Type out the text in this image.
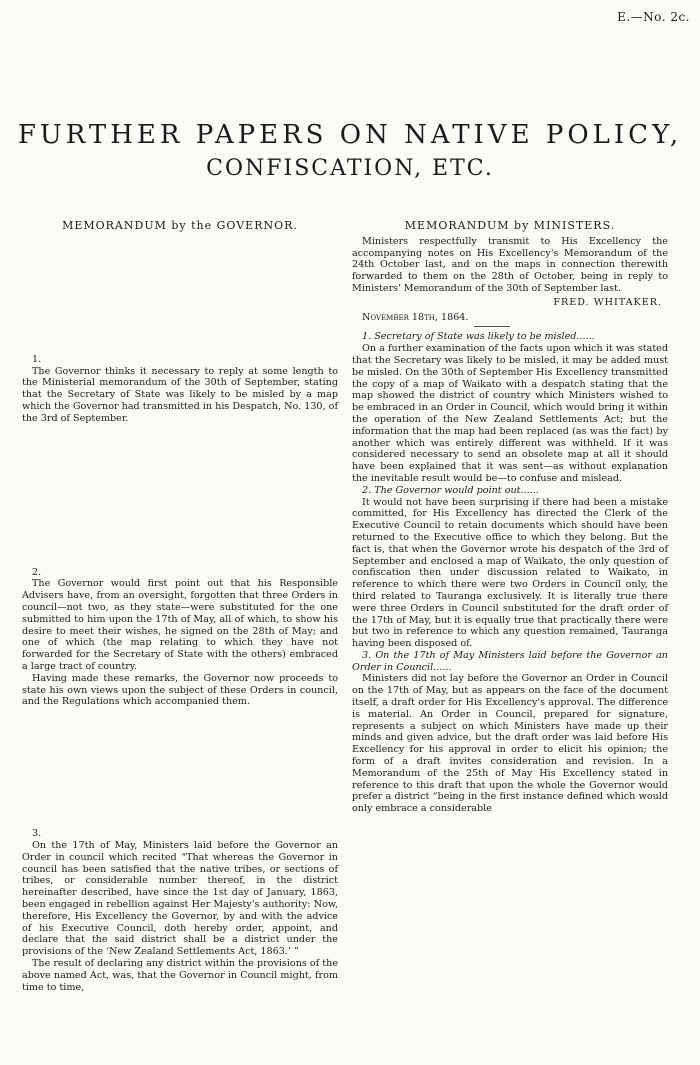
E.—No. 2c.
FURTHER PAPERS ON NATIVE POLICY,
CONFISCATION, ETC.
MEMORANDUM by the GOVERNOR.
1.

The Governor thinks it necessary to reply at some length to the Ministerial memorandum of the 30th of September, stating that the Secretary of State was likely to be misled by a map which the Governor had transmitted in his Despatch, No. 130, of the 3rd of September.

2.

The Governor would first point out that his Responsible Advisers have, from an oversight, forgotten that three Orders in council—not two, as they state—were substituted for the one submitted to him upon the 17th of May, all of which, to show his desire to meet their wishes, he signed on the 28th of May; and one of which (the map relating to which they have not forwarded for the Secretary of State with the others) embraced a large tract of country.

Having made these remarks, the Governor now proceeds to state his own views upon the subject of these Orders in council, and the Regulations which accompanied them.

3.

On the 17th of May, Ministers laid before the Governor an Order in council which recited “That whereas the Governor in council has been satisfied that the native tribes, or sections of tribes, or considerable number thereof, in the district hereinafter described, have since the 1st day of January, 1863, been engaged in rebellion against Her Majesty's authority: Now, therefore, His Excellency the Governor, by and with the advice of his Executive Council, doth hereby order, appoint, and declare that the said district shall be a district under the provisions of the ‘New Zealand Settlements Act, 1863.’ ”

The result of declaring any district within the provisions of the above named Act, was, that the Governor in Council might, from time to time,

MEMORANDUM by MINISTERS.

Ministers respectfully transmit to His Excellency the accompanying notes on His Excellency's Memorandum of the 24th October last, and on the maps in connection therewith forwarded to them on the 28th of October, being in reply to Ministers' Memorandum of the 30th of September last.

FRED. WHITAKER.
November 18th, 1864.

1. Secretary of State was likely to be misled......

On a further examination of the facts upon which it was stated that the Secretary was likely to be misled, it may be added must be misled. On the 30th of September His Excellency transmitted the copy of a map of Waikato with a despatch stating that the map showed the district of country which Ministers wished to be embraced in an Order in Council, which would bring it within the operation of the New Zealand Settlements Act; but the information that the map had been replaced (as was the fact) by another which was entirely different was withheld. If it was considered necessary to send an obsolete map at all it should have been explained that it was sent—as without explanation the inevitable result would be—to confuse and mislead.

2. The Governor would point out......

It would not have been surprising if there had been a mistake committed, for His Excellency has directed the Clerk of the Executive Council to retain documents which should have been returned to the Executive office to which they belong. But the fact is, that when the Governor wrote his despatch of the 3rd of September and enclosed a map of Waikato, the only question of confiscation then under discussion related to Waikato, in reference to which there were two Orders in Council only, the third related to Tauranga exclusively. It is literally true there were three Orders in Council substituted for the draft order of the 17th of May, but it is equally true that practically there were but two in reference to which any question remained, Tauranga having been disposed of.

3. On the 17th of May Ministers laid before the Governor an Order in Council......

Ministers did not lay before the Governor an Order in Council on the 17th of May, but as appears on the face of the document itself, a draft order for His Excellency's approval. The difference is material. An Order in Council, prepared for signature, represents a subject on which Ministers have made up their minds and given advice, but the draft order was laid before His Excellency for his approval in order to elicit his opinion; the form of a draft invites consideration and revision. In a Memorandum of the 25th of May His Excellency stated in reference to this draft that upon the whole the Governor would prefer a district “being in the first instance defined which would only embrace a considerable
